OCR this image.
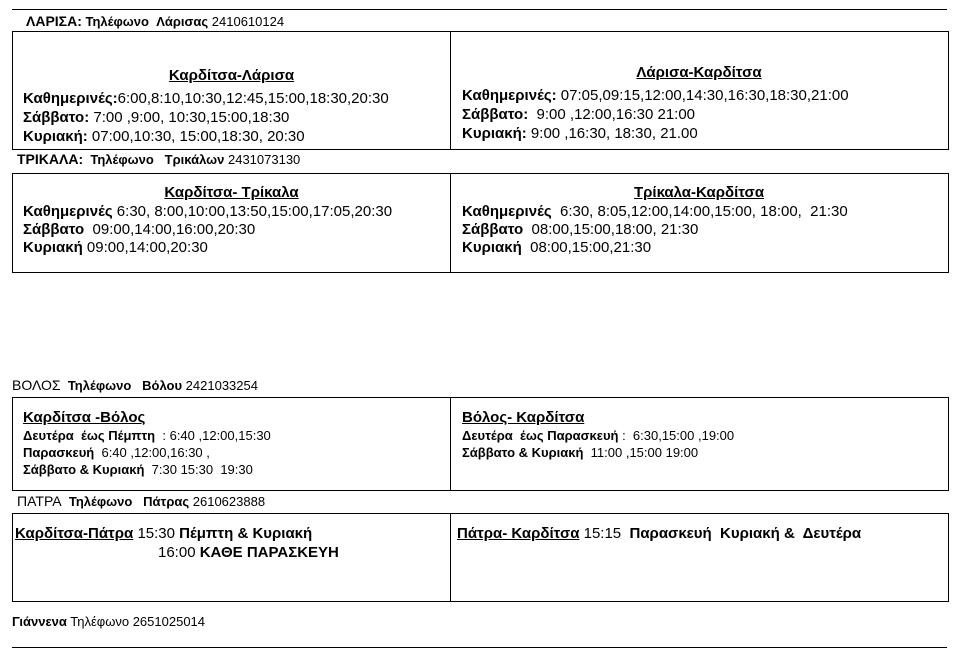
ΛΑΡΙΣΑ: Τηλέφωνο Λάρισας 2410610124
Καρδίτσα-Λάρισα
Καθημερινές:6:00,8:10,10:30,12:45,15:00,18:30,20:30
Σάββατο: 7:00 ,9:00, 10:30,15:00,18:30
Κυριακή: 07:00,10:30, 15:00,18:30, 20:30
Λάρισα-Καρδίτσα
Καθημερινές: 07:05,09:15,12:00,14:30,16:30,18:30,21:00
Σάββατο:  9:00 ,12:00,16:30 21:00
Κυριακή: 9:00 ,16:30, 18:30, 21.00
ΤΡΙΚΑΛΑ: Τηλέφωνο Τρικάλων 2431073130
Καρδίτσα- Τρίκαλα
Καθημερινές 6:30, 8:00,10:00,13:50,15:00,17:05,20:30
Σάββατο  09:00,14:00,16:00,20:30
Κυριακή 09:00,14:00,20:30
Τρίκαλα-Καρδίτσα
Καθημερινές  6:30, 8:05,12:00,14:00,15:00, 18:00,  21:30
Σάββατο  08:00,15:00,18:00, 21:30
Κυριακή  08:00,15:00,21:30
ΒΟΛΟΣ Τηλέφωνο Βόλου 2421033254
Καρδίτσα -Βόλος
Δευτέρα  έως Πέμπτη  : 6:40 ,12:00,15:30
Παρασκευή  6:40 ,12:00,16:30 ,
Σάββατο & Κυριακή  7:30 15:30  19:30
Βόλος- Καρδίτσα
Δευτέρα  έως Παρασκευή :  6:30,15:00 ,19:00
Σάββατο & Κυριακή  11:00 ,15:00 19:00
ΠΑΤΡΑ Τηλέφωνο Πάτρας 2610623888
Καρδίτσα-Πάτρα 15:30 Πέμπτη & Κυριακή
16:00 ΚΑΘΕ ΠΑΡΑΣΚΕΥΗ
Πάτρα- Καρδίτσα 15:15 Παρασκευή  Κυριακή &  Δευτέρα
Γιάννενα Τηλέφωνο 2651025014
